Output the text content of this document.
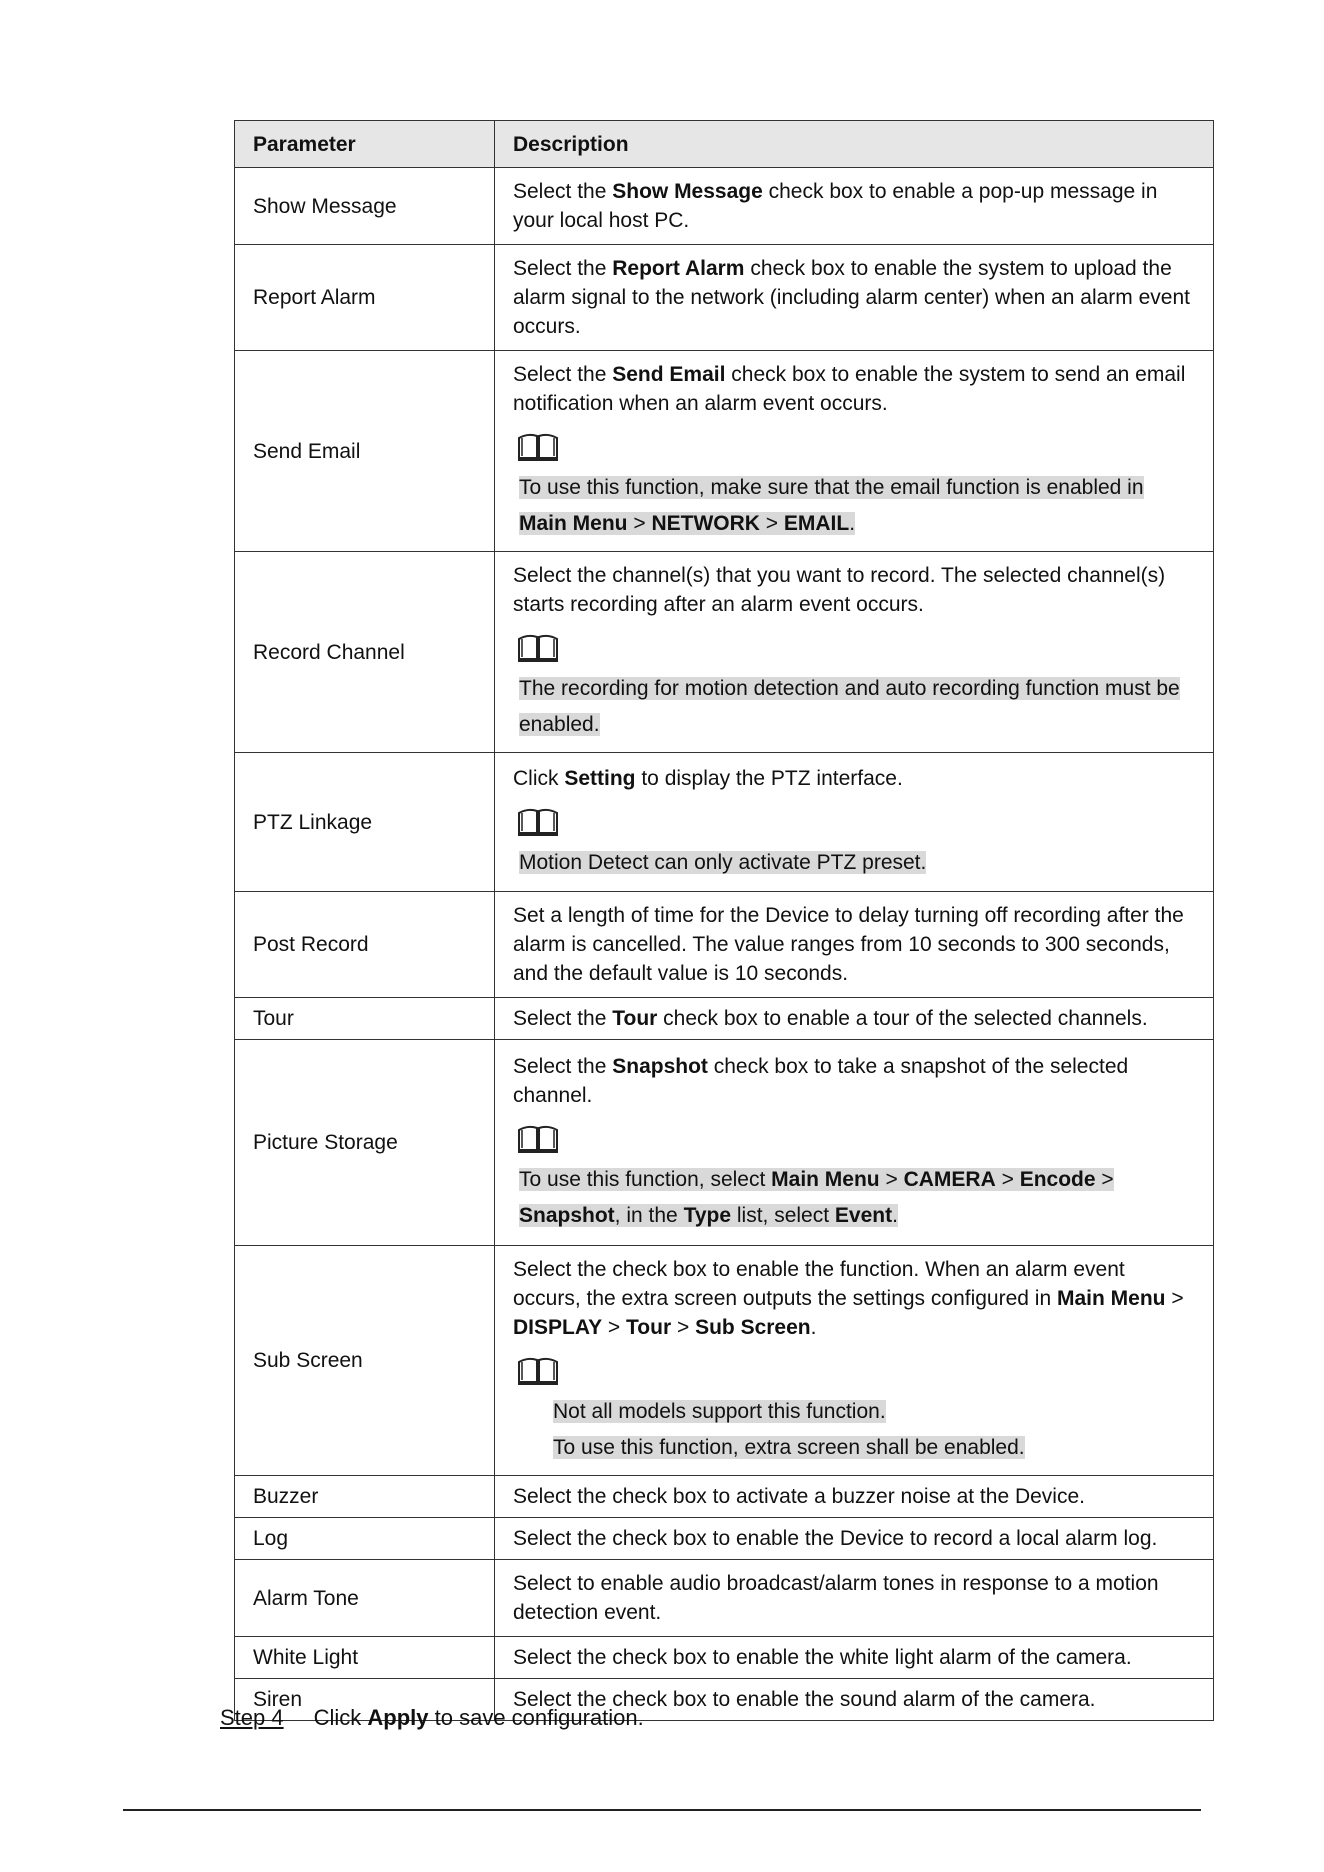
Parameter	Description
Show Message	Select the Show Message check box to enable a pop-up message in your local host PC.

Report Alarm	Select the Report Alarm check box to enable the system to upload the alarm signal to the network (including alarm center) when an alarm event occurs.

Send Email	Select the Send Email check box to enable the system to send an email notification when an alarm event occurs.

To use this function, make sure that the email function is enabled in Main Menu > NETWORK > EMAIL.

Record Channel	Select the channel(s) that you want to record. The selected channel(s) starts recording after an alarm event occurs.

The recording for motion detection and auto recording function must be enabled.

PTZ Linkage	Click Setting to display the PTZ interface.

Motion Detect can only activate PTZ preset.

Post Record	Set a length of time for the Device to delay turning off recording after the alarm is cancelled. The value ranges from 10 seconds to 300 seconds, and the default value is 10 seconds.

Tour	Select the Tour check box to enable a tour of the selected channels.

Picture Storage	Select the Snapshot check box to take a snapshot of the selected channel.

To use this function, select Main Menu > CAMERA > Encode > Snapshot, in the Type list, select Event.

Sub Screen	Select the check box to enable the function. When an alarm event occurs, the extra screen outputs the settings configured in Main Menu > DISPLAY > Tour > Sub Screen.

Not all models support this function.
To use this function, extra screen shall be enabled.

Buzzer	Select the check box to activate a buzzer noise at the Device.

Log	Select the check box to enable the Device to record a local alarm log.

Alarm Tone	Select to enable audio broadcast/alarm tones in response to a motion detection event.

White Light	Select the check box to enable the white light alarm of the camera.

Siren	Select the check box to enable the sound alarm of the camera.

Step 4 Click Apply to save configuration.
